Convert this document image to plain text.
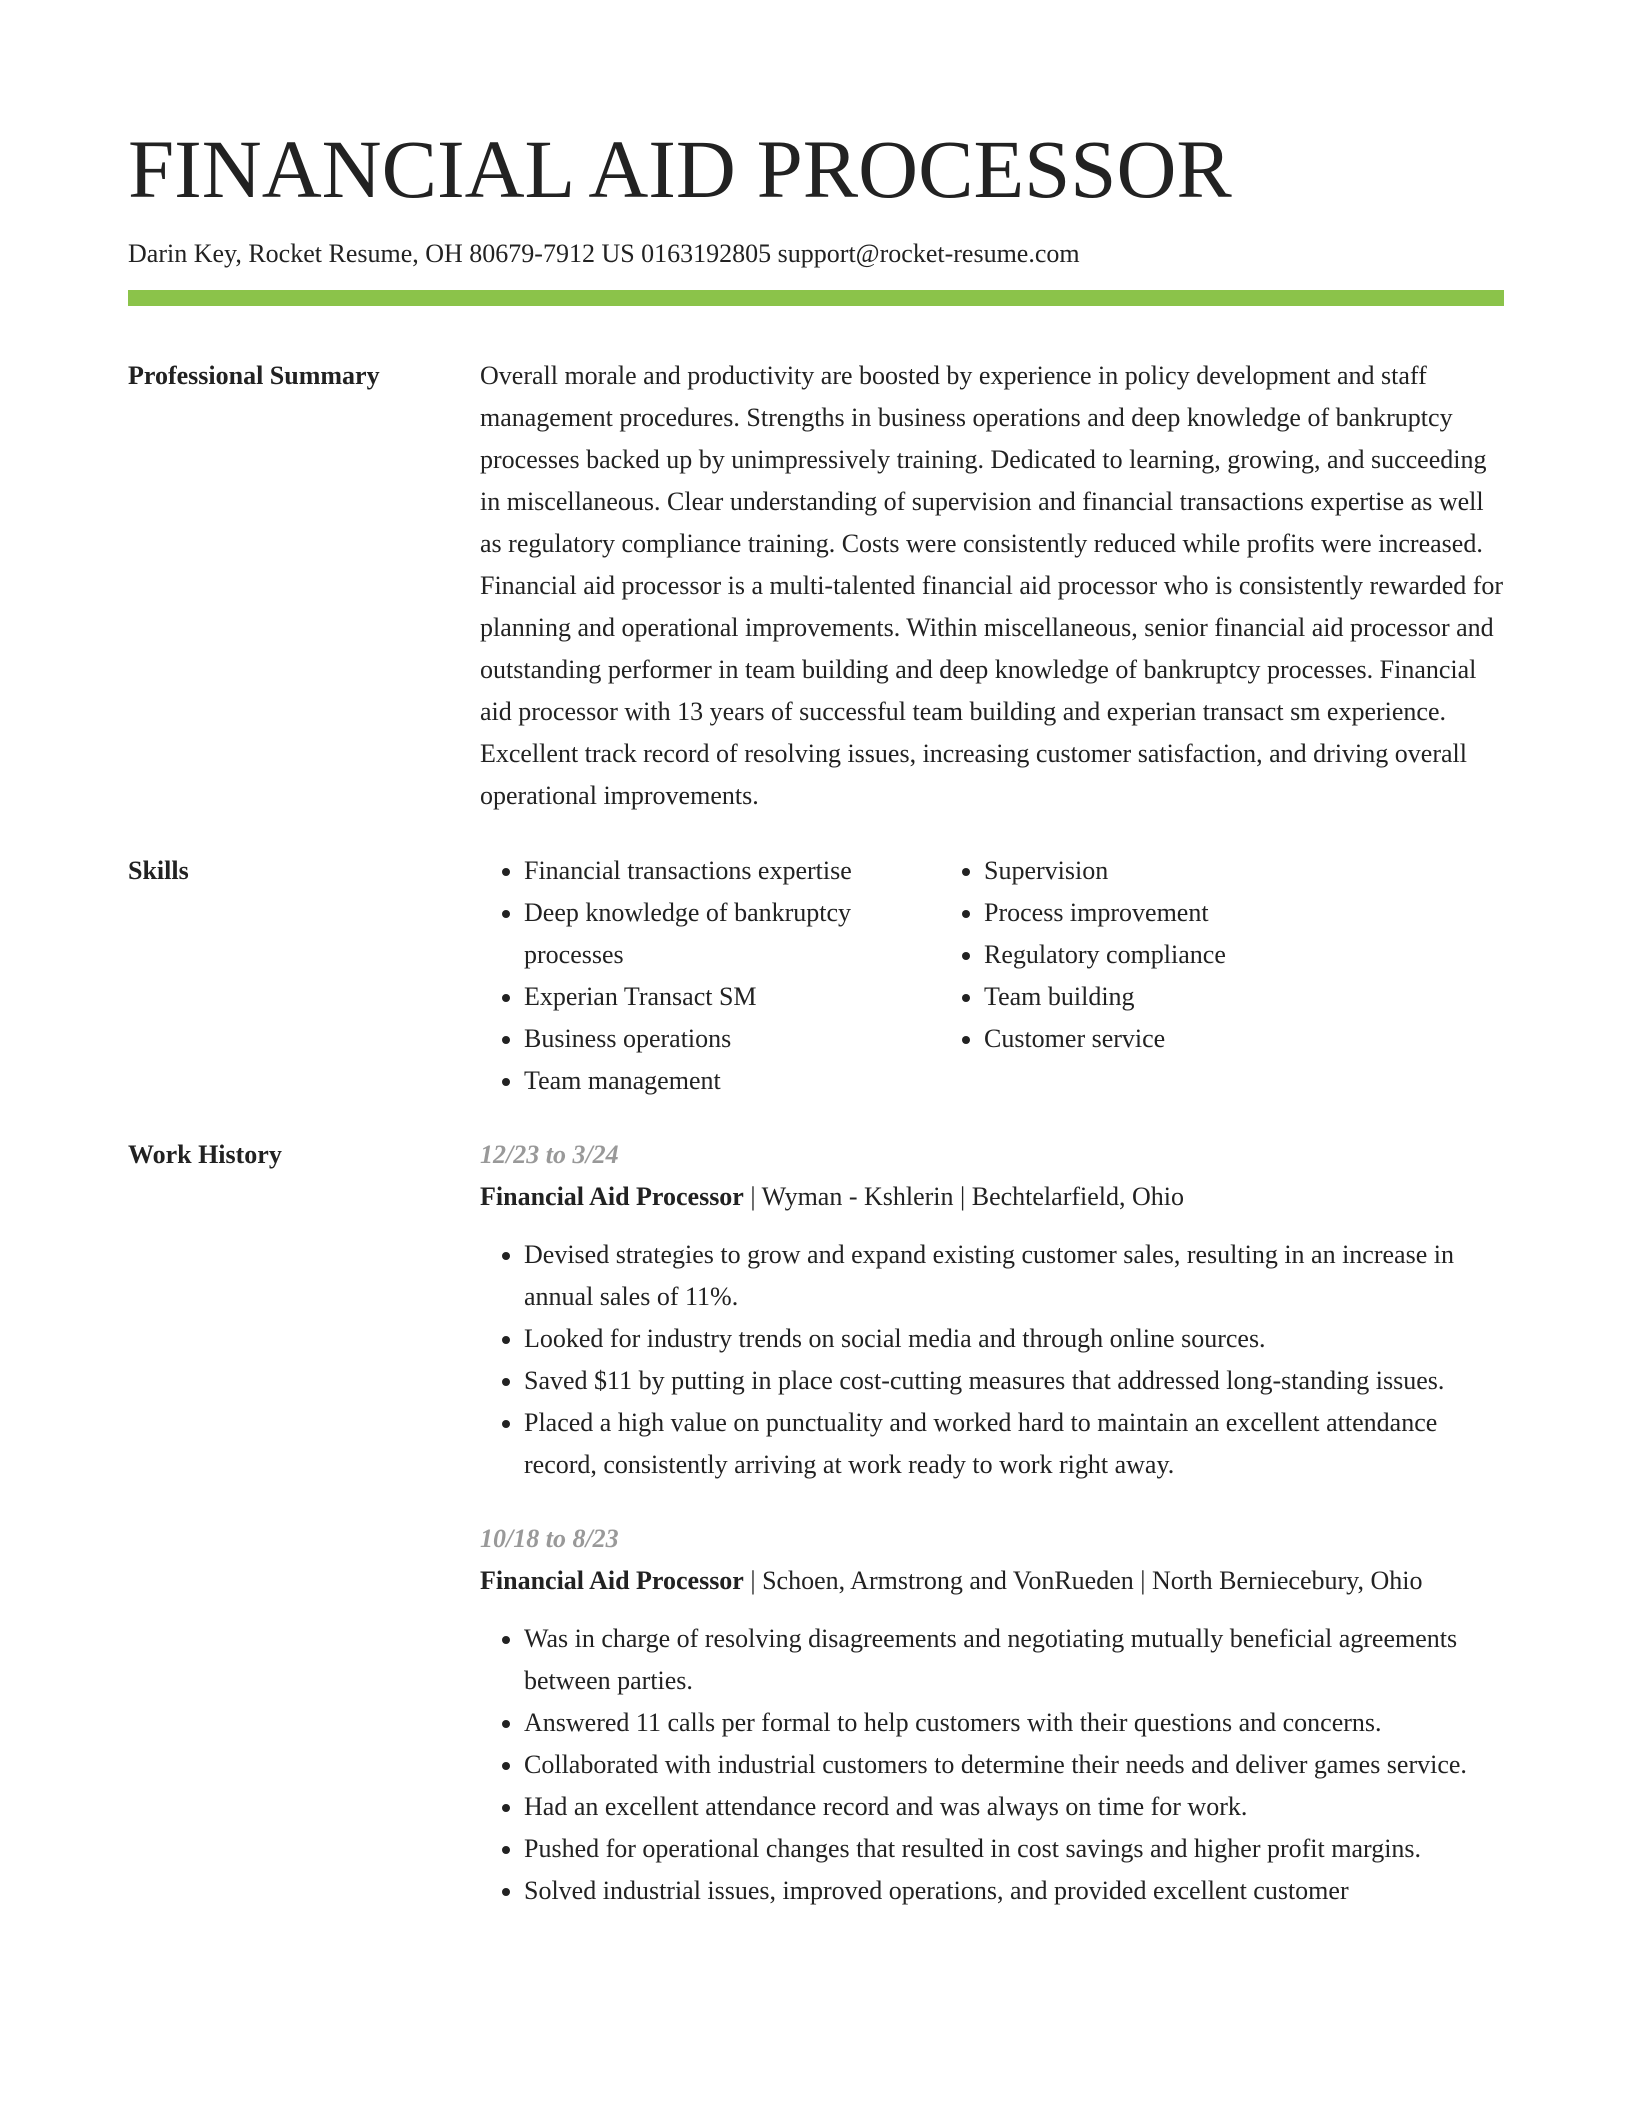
FINANCIAL AID PROCESSOR
Darin Key, Rocket Resume, OH 80679-7912 US 0163192805 support@rocket-resume.com
Professional Summary	Overall morale and productivity are boosted by experience in policy development and staff management procedures. Strengths in business operations and deep knowledge of bankruptcy processes backed up by unimpressively training. Dedicated to learning, growing, and succeeding in miscellaneous. Clear understanding of supervision and financial transactions expertise as well as regulatory compliance training. Costs were consistently reduced while profits were increased. Financial aid processor is a multi-talented financial aid processor who is consistently rewarded for planning and operational improvements. Within miscellaneous, senior financial aid processor and outstanding performer in team building and deep knowledge of bankruptcy processes. Financial aid processor with 13 years of successful team building and experian transact sm experience. Excellent track record of resolving issues, increasing customer satisfaction, and driving overall operational improvements.

Skills
•	Financial transactions expertise
• Deep knowledge of bankruptcy processes
• Experian Transact SM
• Business operations
• Team management
• Supervision
• Process improvement
• Regulatory compliance
• Team building
• Customer service
Work History	12/23 to 3/24
Financial Aid Processor | Wyman - Kshlerin | Bechtelarfield, Ohio
• Devised strategies to grow and expand existing customer sales, resulting in an increase in annual sales of 11%.
• Looked for industry trends on social media and through online sources.
• Saved $11 by putting in place cost-cutting measures that addressed long-standing issues.
• Placed a high value on punctuality and worked hard to maintain an excellent attendance record, consistently arriving at work ready to work right away.
10/18 to 8/23
Financial Aid Processor | Schoen, Armstrong and VonRueden | North Berniecebury, Ohio
• Was in charge of resolving disagreements and negotiating mutually beneficial agreements between parties.
• Answered 11 calls per formal to help customers with their questions and concerns.
• Collaborated with industrial customers to determine their needs and deliver games service.
• Had an excellent attendance record and was always on time for work.
• Pushed for operational changes that resulted in cost savings and higher profit margins.
• Solved industrial issues, improved operations, and provided excellent customer
